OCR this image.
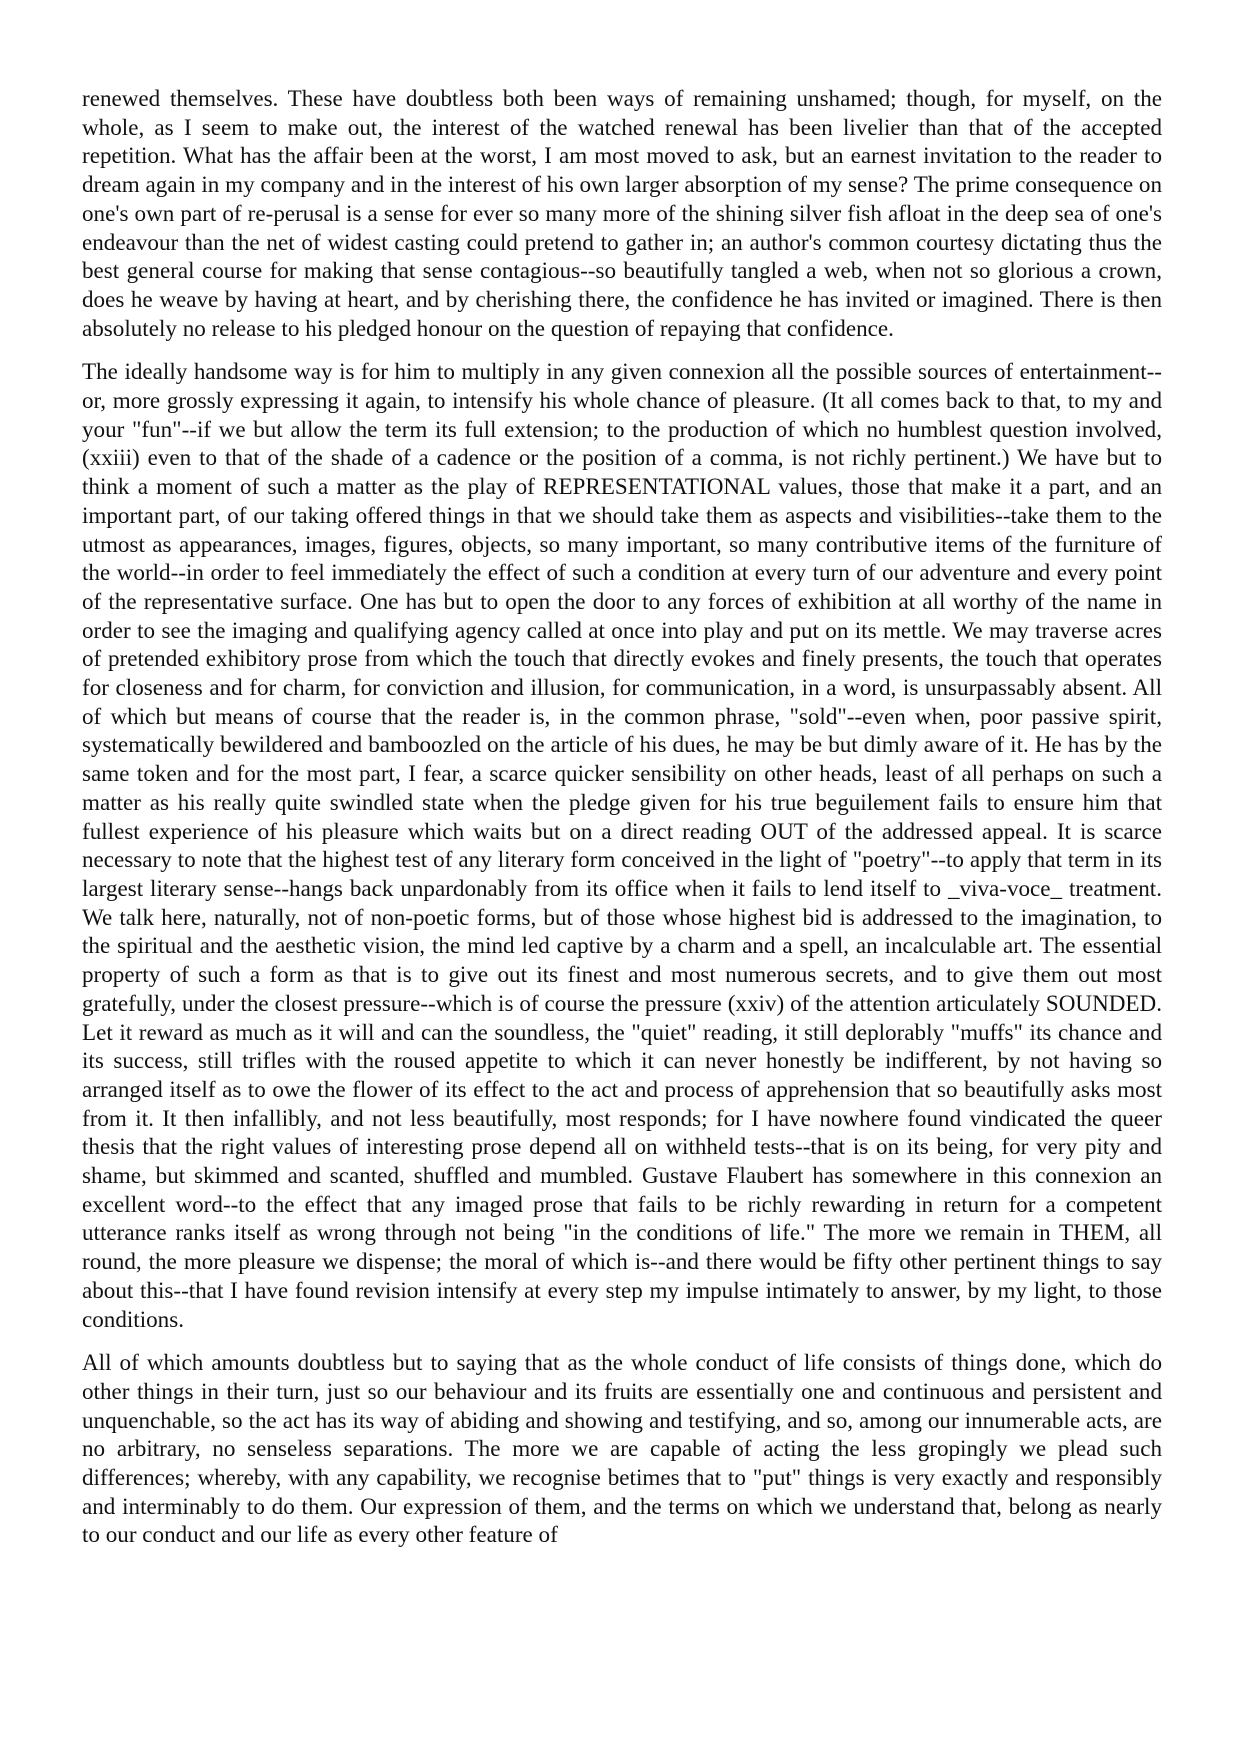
renewed themselves. These have doubtless both been ways of remaining unshamed; though, for myself, on the whole, as I seem to make out, the interest of the watched renewal has been livelier than that of the accepted repetition. What has the affair been at the worst, I am most moved to ask, but an earnest invitation to the reader to dream again in my company and in the interest of his own larger absorption of my sense? The prime consequence on one's own part of re-perusal is a sense for ever so many more of the shining silver fish afloat in the deep sea of one's endeavour than the net of widest casting could pretend to gather in; an author's common courtesy dictating thus the best general course for making that sense contagious--so beautifully tangled a web, when not so glorious a crown, does he weave by having at heart, and by cherishing there, the confidence he has invited or imagined. There is then absolutely no release to his pledged honour on the question of repaying that confidence.

The ideally handsome way is for him to multiply in any given connexion all the possible sources of entertainment--or, more grossly expressing it again, to intensify his whole chance of pleasure. (It all comes back to that, to my and your "fun"--if we but allow the term its full extension; to the production of which no humblest question involved, (xxiii) even to that of the shade of a cadence or the position of a comma, is not richly pertinent.) We have but to think a moment of such a matter as the play of REPRESENTATIONAL values, those that make it a part, and an important part, of our taking offered things in that we should take them as aspects and visibilities--take them to the utmost as appearances, images, figures, objects, so many important, so many contributive items of the furniture of the world--in order to feel immediately the effect of such a condition at every turn of our adventure and every point of the representative surface. One has but to open the door to any forces of exhibition at all worthy of the name in order to see the imaging and qualifying agency called at once into play and put on its mettle. We may traverse acres of pretended exhibitory prose from which the touch that directly evokes and finely presents, the touch that operates for closeness and for charm, for conviction and illusion, for communication, in a word, is unsurpassably absent. All of which but means of course that the reader is, in the common phrase, "sold"--even when, poor passive spirit, systematically bewildered and bamboozled on the article of his dues, he may be but dimly aware of it. He has by the same token and for the most part, I fear, a scarce quicker sensibility on other heads, least of all perhaps on such a matter as his really quite swindled state when the pledge given for his true beguilement fails to ensure him that fullest experience of his pleasure which waits but on a direct reading OUT of the addressed appeal. It is scarce necessary to note that the highest test of any literary form conceived in the light of "poetry"--to apply that term in its largest literary sense--hangs back unpardonably from its office when it fails to lend itself to _viva-voce_ treatment. We talk here, naturally, not of non-poetic forms, but of those whose highest bid is addressed to the imagination, to the spiritual and the aesthetic vision, the mind led captive by a charm and a spell, an incalculable art. The essential property of such a form as that is to give out its finest and most numerous secrets, and to give them out most gratefully, under the closest pressure--which is of course the pressure (xxiv) of the attention articulately SOUNDED. Let it reward as much as it will and can the soundless, the "quiet" reading, it still deplorably "muffs" its chance and its success, still trifles with the roused appetite to which it can never honestly be indifferent, by not having so arranged itself as to owe the flower of its effect to the act and process of apprehension that so beautifully asks most from it. It then infallibly, and not less beautifully, most responds; for I have nowhere found vindicated the queer thesis that the right values of interesting prose depend all on withheld tests--that is on its being, for very pity and shame, but skimmed and scanted, shuffled and mumbled. Gustave Flaubert has somewhere in this connexion an excellent word--to the effect that any imaged prose that fails to be richly rewarding in return for a competent utterance ranks itself as wrong through not being "in the conditions of life." The more we remain in THEM, all round, the more pleasure we dispense; the moral of which is--and there would be fifty other pertinent things to say about this--that I have found revision intensify at every step my impulse intimately to answer, by my light, to those conditions.

All of which amounts doubtless but to saying that as the whole conduct of life consists of things done, which do other things in their turn, just so our behaviour and its fruits are essentially one and continuous and persistent and unquenchable, so the act has its way of abiding and showing and testifying, and so, among our innumerable acts, are no arbitrary, no senseless separations. The more we are capable of acting the less gropingly we plead such differences; whereby, with any capability, we recognise betimes that to "put" things is very exactly and responsibly and interminably to do them. Our expression of them, and the terms on which we understand that, belong as nearly to our conduct and our life as every other feature of
